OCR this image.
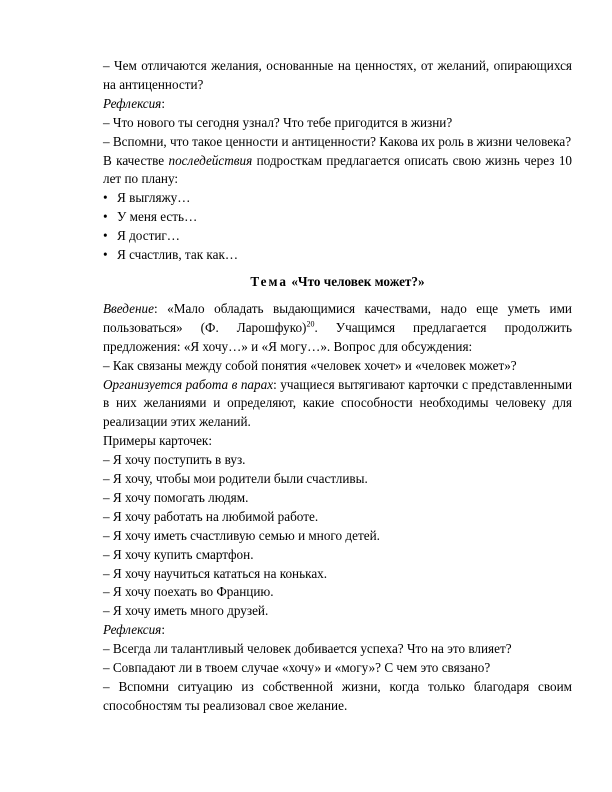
– Чем отличаются желания, основанные на ценностях, от желаний, опирающихся на антиценности?

Рефлексия:

– Что нового ты сегодня узнал? Что тебе пригодится в жизни?

– Вспомни, что такое ценности и антиценности? Какова их роль в жизни человека?

В качестве последействия подросткам предлагается описать свою жизнь через 10 лет по плану:

• Я выгляжу…
• У меня есть…
• Я достиг…
• Я счастлив, так как…

Тема «Что человек может?»

Введение: «Мало обладать выдающимися качествами, надо еще уметь ими пользоваться» (Ф. Ларошфуко)$^{20}$. Учащимся предлагается продолжить предложения: «Я хочу…» и «Я могу…». Вопрос для обсуждения:

– Как связаны между собой понятия «человек хочет» и «человек может»?

Организуется работа в парах: учащиеся вытягивают карточки с представленными в них желаниями и определяют, какие способности необходимы человеку для реализации этих желаний.

Примеры карточек:

– Я хочу поступить в вуз.

– Я хочу, чтобы мои родители были счастливы.

– Я хочу помогать людям.

– Я хочу работать на любимой работе.

– Я хочу иметь счастливую семью и много детей.

– Я хочу купить смартфон.

– Я хочу научиться кататься на коньках.

– Я хочу поехать во Францию.

– Я хочу иметь много друзей.

Рефлексия:

– Всегда ли талантливый человек добивается успеха? Что на это влияет?

– Совпадают ли в твоем случае «хочу» и «могу»? С чем это связано?

– Вспомни ситуацию из собственной жизни, когда только благодаря своим способностям ты реализовал свое желание.
